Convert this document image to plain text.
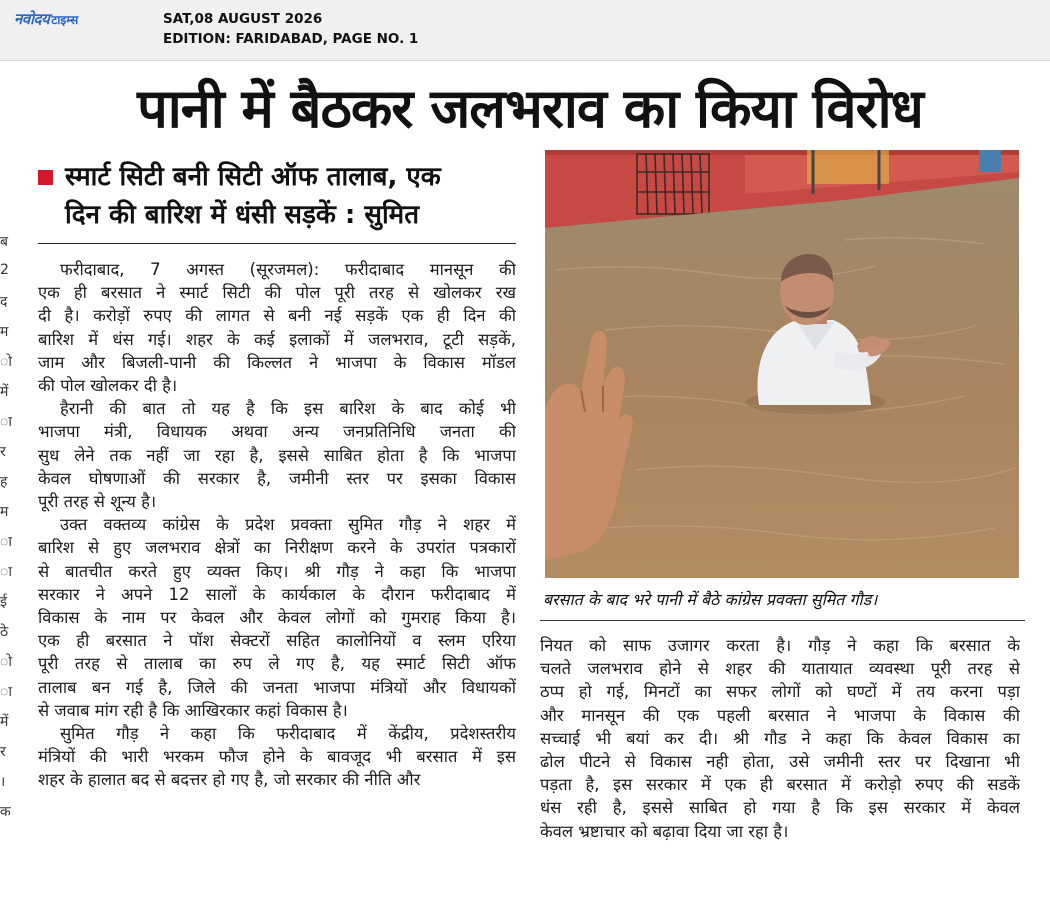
नवोदय टाइम्स	SAT,08 AUGUST 2026
EDITION: FARIDABAD, PAGE NO. 1
ब
2
द
म
ो
में
ा
र
ह
म
ा
ा
ई
ठे
ो
ा
में
र
।
क
पानी में बैठकर जलभराव का किया विरोध
स्मार्ट सिटी बनी सिटी ऑफ तालाब, एक
दिन की बारिश में धंसी सड़कें : सुमित
फरीदाबाद, 7 अगस्त (सूरजमल): फरीदाबाद मानसून की
एक ही बरसात ने स्मार्ट सिटी की पोल पूरी तरह से खोलकर रख
दी है। करोड़ों रुपए की लागत से बनी नई सड़कें एक ही दिन की
बारिश में धंस गई। शहर के कई इलाकों में जलभराव, टूटी सड़कें,
जाम और बिजली-पानी की किल्लत ने भाजपा के विकास मॉडल
की पोल खोलकर दी है।
हैरानी की बात तो यह है कि इस बारिश के बाद कोई भी
भाजपा मंत्री, विधायक अथवा अन्य जनप्रतिनिधि जनता की
सुध लेने तक नहीं जा रहा है, इससे साबित होता है कि भाजपा
केवल घोषणाओं की सरकार है, जमीनी स्तर पर इसका विकास
पूरी तरह से शून्य है।
उक्त वक्तव्य कांग्रेस के प्रदेश प्रवक्ता सुमित गौड़ ने शहर में
बारिश से हुए जलभराव क्षेत्रों का निरीक्षण करने के उपरांत पत्रकारों
से बातचीत करते हुए व्यक्त किए। श्री गौड़ ने कहा कि भाजपा
सरकार ने अपने 12 सालों के कार्यकाल के दौरान फरीदाबाद में
विकास के नाम पर केवल और केवल लोगों को गुमराह किया है।
एक ही बरसात ने पॉश सेक्टरों सहित कालोनियों व स्लम एरिया
पूरी तरह से तालाब का रुप ले गए है, यह स्मार्ट सिटी ऑफ
तालाब बन गई है, जिले की जनता भाजपा मंत्रियों और विधायकों
से जवाब मांग रही है कि आखिरकार कहां विकास है।
सुमित गौड़ ने कहा कि फरीदाबाद में केंद्रीय, प्रदेशस्तरीय
मंत्रियों की भारी भरकम फौज होने के बावजूद भी बरसात में इस
शहर के हालात बद से बदत्तर हो गए है, जो सरकार की नीति और
बरसात के बाद भरे पानी में बैठे कांग्रेस प्रवक्ता सुमित गौड।
नियत को साफ उजागर करता है। गौड़ ने कहा कि बरसात के
चलते जलभराव होने से शहर की यातायात व्यवस्था पूरी तरह से
ठप्प हो गई, मिनटों का सफर लोगों को घण्टों में तय करना पड़ा
और मानसून की एक पहली बरसात ने भाजपा के विकास की
सच्चाई भी बयां कर दी। श्री गौड ने कहा कि केवल विकास का
ढोल पीटने से विकास नही होता, उसे जमीनी स्तर पर दिखाना भी
पड़ता है, इस सरकार में एक ही बरसात में करोड़ो रुपए की सडकें
धंस रही है, इससे साबित हो गया है कि इस सरकार में केवल
केवल भ्रष्टाचार को बढ़ावा दिया जा रहा है।
